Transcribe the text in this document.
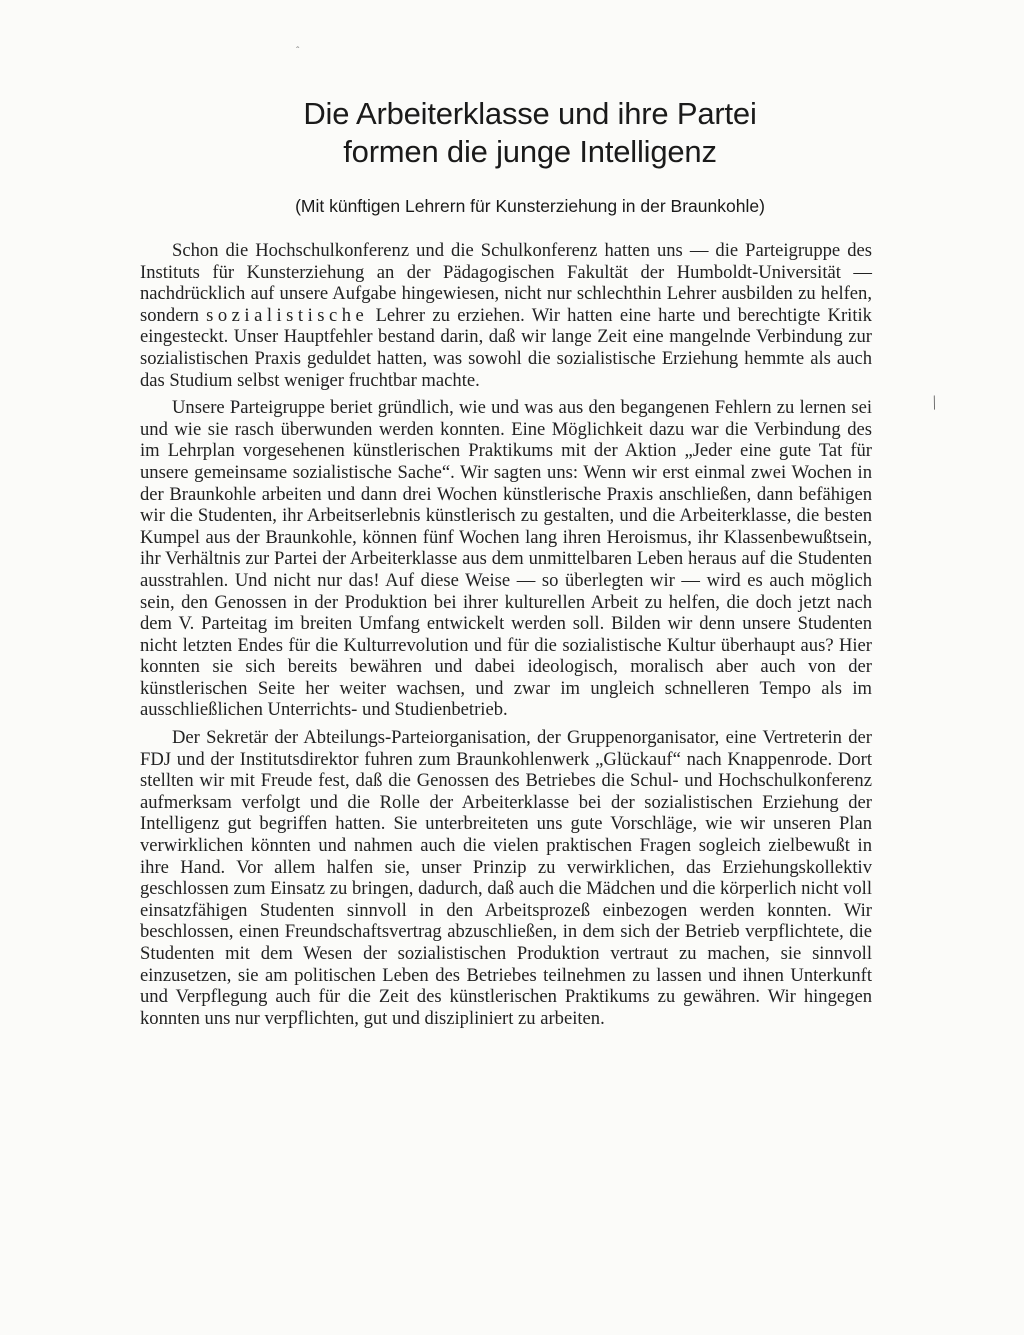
ˆ
/
Die Arbeiterklasse und ihre Partei
formen die junge Intelligenz
(Mit künftigen Lehrern für Kunsterziehung in der Braunkohle)

Schon die Hochschulkonferenz und die Schulkonferenz hatten uns — die Parteigruppe des Instituts für Kunsterziehung an der Pädagogischen Fakultät der Humboldt-Universität — nachdrücklich auf unsere Aufgabe hingewiesen, nicht nur schlechthin Lehrer ausbilden zu helfen, sondern sozialistische Lehrer zu erziehen. Wir hatten eine harte und berechtigte Kritik eingesteckt. Unser Hauptfehler bestand darin, daß wir lange Zeit eine mangelnde Verbindung zur sozialistischen Praxis geduldet hatten, was sowohl die sozialistische Erziehung hemmte als auch das Studium selbst weniger fruchtbar machte.

Unsere Parteigruppe beriet gründlich, wie und was aus den begangenen Fehlern zu lernen sei und wie sie rasch überwunden werden konnten. Eine Möglichkeit dazu war die Verbindung des im Lehrplan vorgesehenen künstlerischen Praktikums mit der Aktion „Jeder eine gute Tat für unsere gemeinsame sozialistische Sache“. Wir sagten uns: Wenn wir erst einmal zwei Wochen in der Braunkohle arbeiten und dann drei Wochen künstlerische Praxis anschließen, dann befähigen wir die Studenten, ihr Arbeitserlebnis künstlerisch zu gestalten, und die Arbeiterklasse, die besten Kumpel aus der Braunkohle, können fünf Wochen lang ihren Heroismus, ihr Klassenbewußtsein, ihr Verhältnis zur Partei der Arbeiterklasse aus dem unmittelbaren Leben heraus auf die Studenten ausstrahlen. Und nicht nur das! Auf diese Weise — so überlegten wir — wird es auch möglich sein, den Genossen in der Produktion bei ihrer kulturellen Arbeit zu helfen, die doch jetzt nach dem V. Parteitag im breiten Umfang entwickelt werden soll. Bilden wir denn unsere Studenten nicht letzten Endes für die Kulturrevolution und für die sozialistische Kultur überhaupt aus? Hier konnten sie sich bereits bewähren und dabei ideologisch, moralisch aber auch von der künstlerischen Seite her weiter wachsen, und zwar im ungleich schnelleren Tempo als im ausschließlichen Unterrichts- und Studienbetrieb.

Der Sekretär der Abteilungs-Parteiorganisation, der Gruppenorganisator, eine Vertreterin der FDJ und der Institutsdirektor fuhren zum Braunkohlenwerk „Glückauf“ nach Knappenrode. Dort stellten wir mit Freude fest, daß die Genossen des Betriebes die Schul- und Hochschulkonferenz aufmerksam verfolgt und die Rolle der Arbeiterklasse bei der sozialistischen Erziehung der Intelligenz gut begriffen hatten. Sie unterbreiteten uns gute Vorschläge, wie wir unseren Plan verwirklichen könnten und nahmen auch die vielen praktischen Fragen sogleich zielbewußt in ihre Hand. Vor allem halfen sie, unser Prinzip zu verwirklichen, das Erziehungskollektiv geschlossen zum Einsatz zu bringen, dadurch, daß auch die Mädchen und die körperlich nicht voll einsatzfähigen Studenten sinnvoll in den Arbeitsprozeß einbezogen werden konnten. Wir beschlossen, einen Freundschaftsvertrag abzuschließen, in dem sich der Betrieb verpflichtete, die Studenten mit dem Wesen der sozialistischen Produktion vertraut zu machen, sie sinnvoll einzusetzen, sie am politischen Leben des Betriebes teilnehmen zu lassen und ihnen Unterkunft und Verpflegung auch für die Zeit des künstlerischen Praktikums zu gewähren. Wir hingegen konnten uns nur verpflichten, gut und diszipliniert zu arbeiten.
